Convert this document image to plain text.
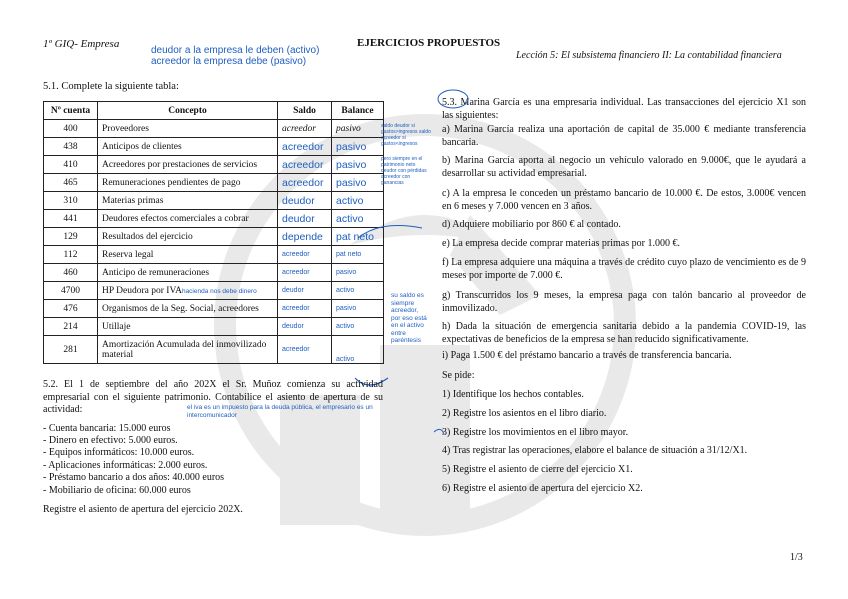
1º GIQ- Empresa	EJERCICIOS PROPUESTOS
Lección 5: El subsistema financiero II: La contabilidad financiera
deudor a la empresa le deben (activo)
acreedor la empresa debe (pasivo)
5.1. Complete la siguiente tabla:
Nº cuenta	Concepto	Saldo	Balance
400	Proveedores	acreedor	pasivo
438	Anticipos de clientes	acreedor	pasivo
410	Acreedores por prestaciones de servicios	acreedor	pasivo
465	Remuneraciones pendientes de pago	acreedor	pasivo
310	Materias primas	deudor	activo
441	Deudores efectos comerciales a cobrar	deudor	activo
129	Resultados del ejercicio	depende	pat neto
112	Reserva legal	acreedor	pat neto
460	Anticipo de remuneraciones	acreedor	pasivo
4700	HP Deudora por IVAhacienda nos debe dinero	deudor	activo
476	Organismos de la Seg. Social, acreedores	acreedor	pasivo
214	Utillaje	deudor	activo
281	Amortización Acumulada del inmovilizado material	acreedor	activo
saldo deudor si gastos>ingresos saldo acreedor si gastos<ingresos
pero siempre en el patrimonio neto deudor con pérdidas acreedor con ganancias
su saldo es siempre acreedor, por eso está en el activo entre paréntesis
5.2. El 1 de septiembre del año 202X el Sr. Muñoz comienza su actividad empresarial con el siguiente patrimonio. Contabilice el asiento de apertura de su actividad:	el iva es un impuesto para la deuda pública, el empresario es un intercomunicador
- Cuenta bancaria: 15.000 euros
- Dinero en efectivo: 5.000 euros.
- Equipos informáticos: 10.000 euros.
- Aplicaciones informáticas: 2.000 euros.
- Préstamo bancario a dos años: 40.000 euros
- Mobiliario de oficina: 60.000 euros
Registre el asiento de apertura del ejercicio 202X.
5.3. Marina García es una empresaria individual. Las transacciones del ejercicio X1 son las siguientes:
a) Marina García realiza una aportación de capital de 35.000 € mediante transferencia bancaria.
b) Marina García aporta al negocio un vehículo valorado en 9.000€, que le ayudará a desarrollar su actividad empresarial.
c) A la empresa le conceden un préstamo bancario de 10.000 €. De estos, 3.000€ vencen en 6 meses y 7.000 vencen en 3 años.
d) Adquiere mobiliario por 860 € al contado.
e) La empresa decide comprar materias primas por 1.000 €.
f) La empresa adquiere una máquina a través de crédito cuyo plazo de vencimiento es de 9 meses por importe de 7.000 €.
g) Transcurridos los 9 meses, la empresa paga con talón bancario al proveedor de inmovilizado.
h) Dada la situación de emergencia sanitaria debido a la pandemia COVID-19, las expectativas de beneficios de la empresa se han reducido significativamente.
i) Paga 1.500 € del préstamo bancario a través de transferencia bancaria.
Se pide:
1) Identifique los hechos contables.
2) Registre los asientos en el libro diario.
3) Registre los movimientos en el libro mayor.
4) Tras registrar las operaciones, elabore el balance de situación a 31/12/X1.
5) Registre el asiento de cierre del ejercicio X1.
6) Registre el asiento de apertura del ejercicio X2.
1/3
